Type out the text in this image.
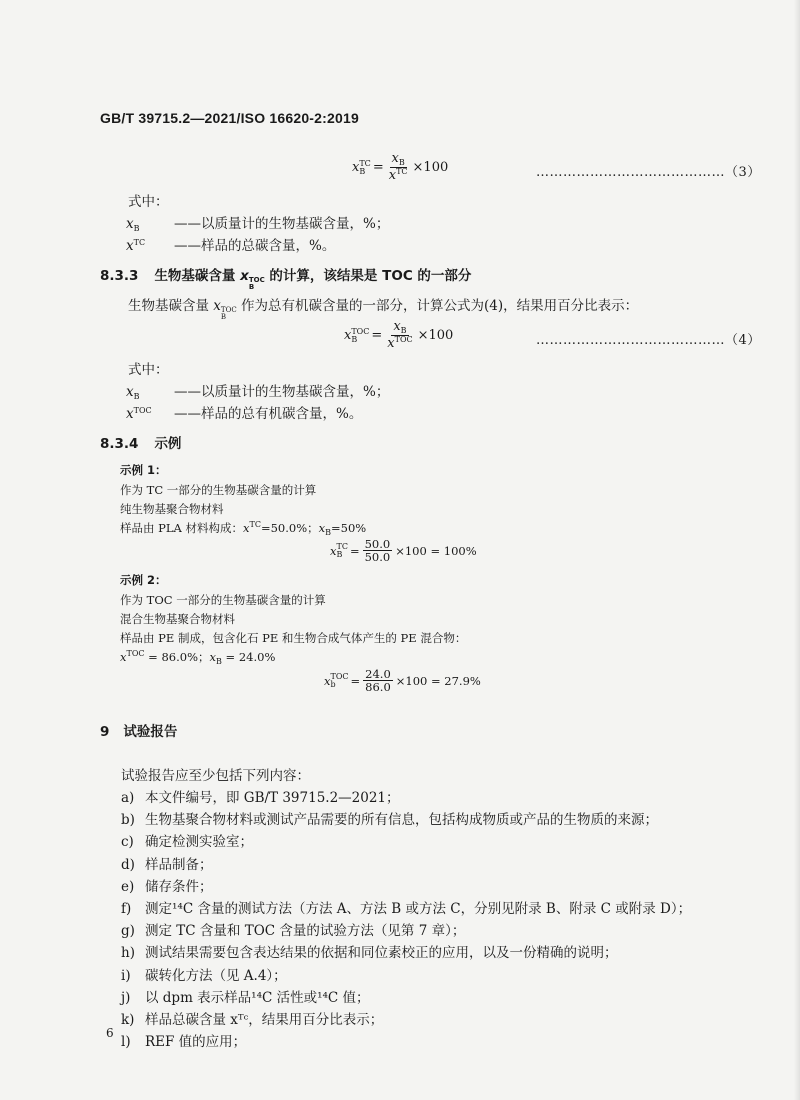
GB/T 39715.2—2021/ISO 16620-2:2019
x TC
$B = \frac{x_B}{x^{TC}} \times 100$	……………………………………（3）
式中：
$x_B$	——以质量计的生物基碳含量，%；
$x^{TC}$ ——样品的总碳含量，%。
8.3.3 生物基碳含量 x TOC
B
的计算，该结果是 TOC 的一部分
生物基碳含量 x TOC
B
作为总有机碳含量的一部分，计算公式为(4)，结果用百分比表示：
x TOC
B	= $\frac{x_B}{x^{TOC}} \times 100$	……………………………………（4）
式中：
$x_B$	——以质量计的生物基碳含量，%；
$x^{TOC}$ ——样品的总有机碳含量，%。
8.3.4 示例
示例 1：
作为 TC 一部分的生物基碳含量的计算
纯生物基聚合物材料
样品由 PLA 材料构成：$x^{TC}=50.0\%$；$x_B=50\%$
x TC
$B = \frac{50.0}{50.0} \times 100 = 100\%$
示例 2：
作为 TOC 一部分的生物基碳含量的计算
混合生物基聚合物材料
样品由 PE 制成，包含化石 PE 和生物合成气体产生的 PE 混合物：
$x^{TOC} = 86.0\%$；$x_B = 24.0\%$
x TOC
b	= $\frac{24.0}{86.0} \times 100 = 27.9\%$
9 试验报告
试验报告应至少包括下列内容：
a) 本文件编号，即 GB/T 39715.2—2021；
b) 生物基聚合物材料或测试产品需要的所有信息，包括构成物质或产品的生物质的来源；
c) 确定检测实验室；
d) 样品制备；
e) 储存条件；
f) 测定¹⁴C 含量的测试方法（方法 A、方法 B 或方法 C，分别见附录 B、附录 C 或附录 D）；
g) 测定 TC 含量和 TOC 含量的试验方法（见第 7 章）；
h) 测试结果需要包含表达结果的依据和同位素校正的应用，以及一份精确的说明；
i) 碳转化方法（见 A.4）；
j) 以 dpm 表示样品¹⁴C 活性或¹⁴C 值；
k) 样品总碳含量 xᵀᶜ，结果用百分比表示；
l) REF 值的应用；
6
